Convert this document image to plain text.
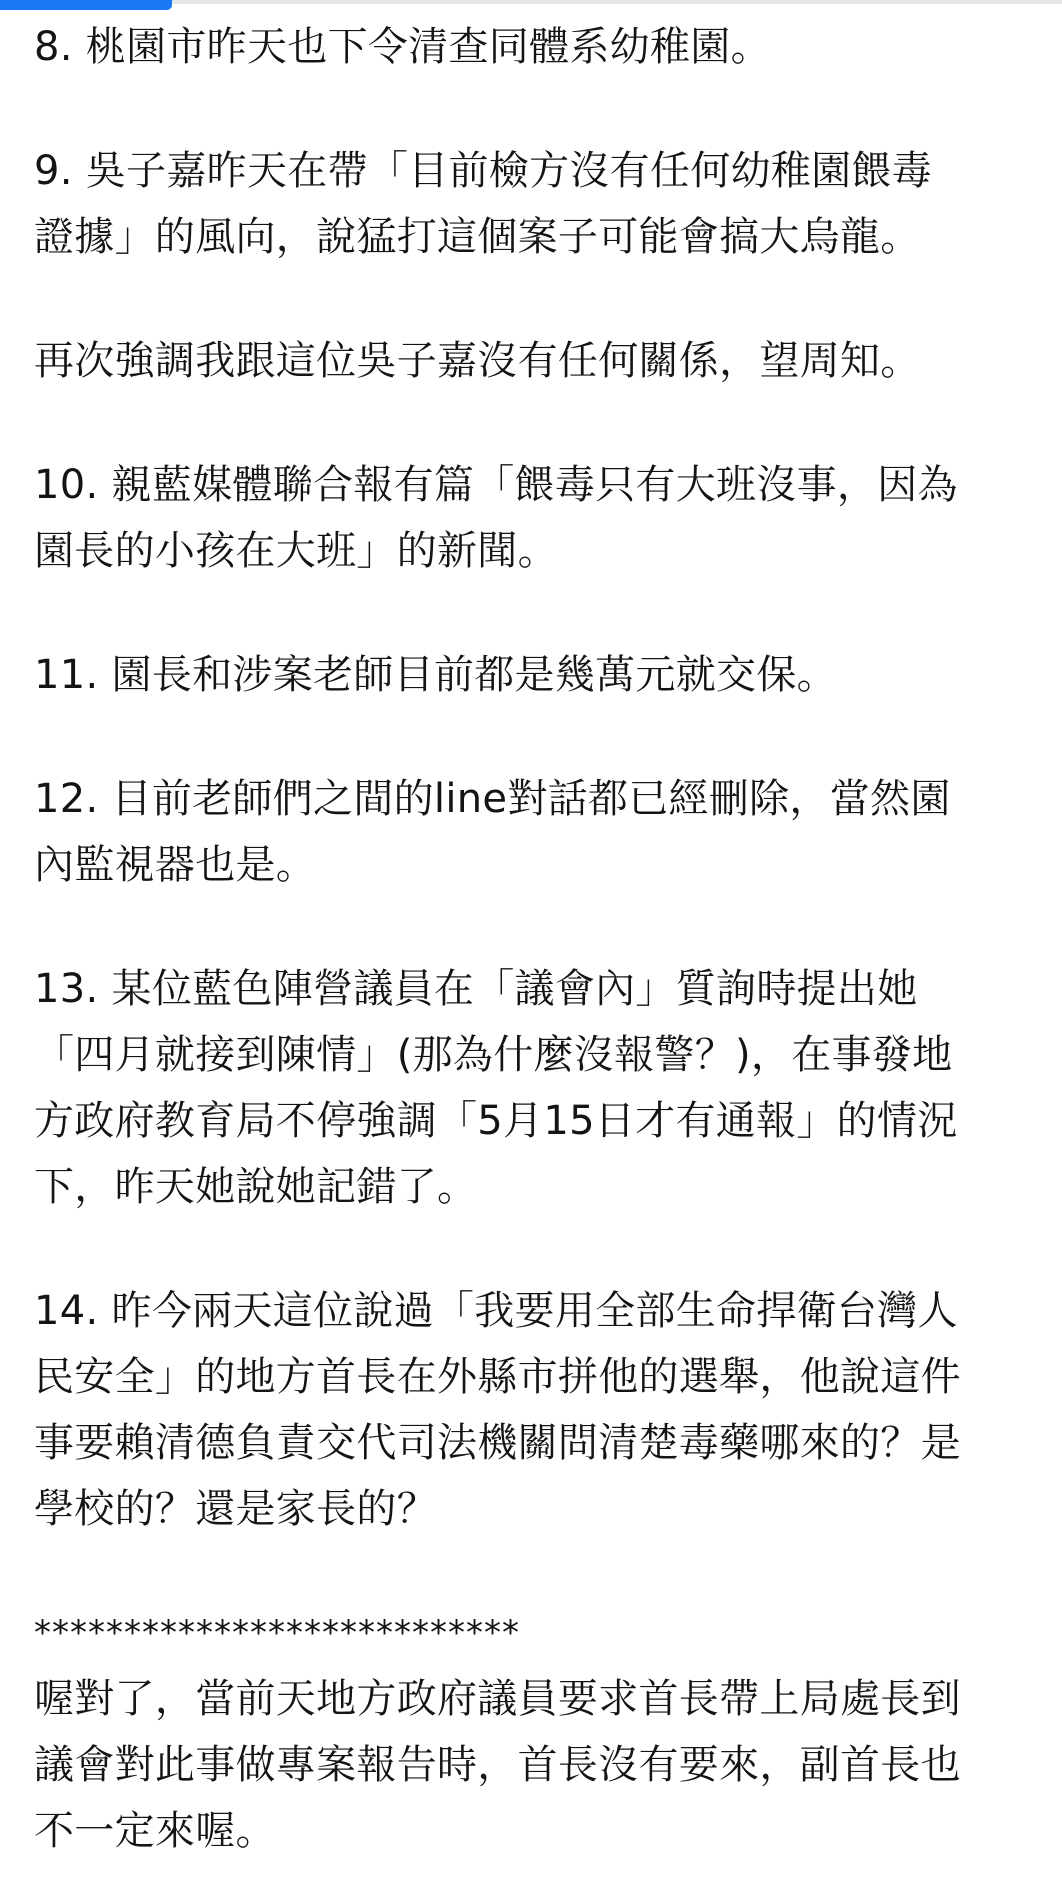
8. 桃園市昨天也下令清查同體系幼稚園。
9. 吳子嘉昨天在帶「目前檢方沒有任何幼稚園餵毒
證據」的風向，說猛打這個案子可能會搞大烏龍。
再次強調我跟這位吳子嘉沒有任何關係，望周知。
10. 親藍媒體聯合報有篇「餵毒只有大班沒事，因為
園長的小孩在大班」的新聞。
11. 園長和涉案老師目前都是幾萬元就交保。
12. 目前老師們之間的line對話都已經刪除，當然園
內監視器也是。
13. 某位藍色陣營議員在「議會內」質詢時提出她
「四月就接到陳情」(那為什麼沒報警？)，在事發地
方政府教育局不停強調「5月15日才有通報」的情況
下，昨天她說她記錯了。
14. 昨今兩天這位說過「我要用全部生命捍衛台灣人
民安全」的地方首長在外縣市拼他的選舉，他說這件
事要賴清德負責交代司法機關問清楚毒藥哪來的？是
學校的？還是家長的？
***************************
喔對了，當前天地方政府議員要求首長帶上局處長到
議會對此事做專案報告時，首長沒有要來，副首長也
不一定來喔。
